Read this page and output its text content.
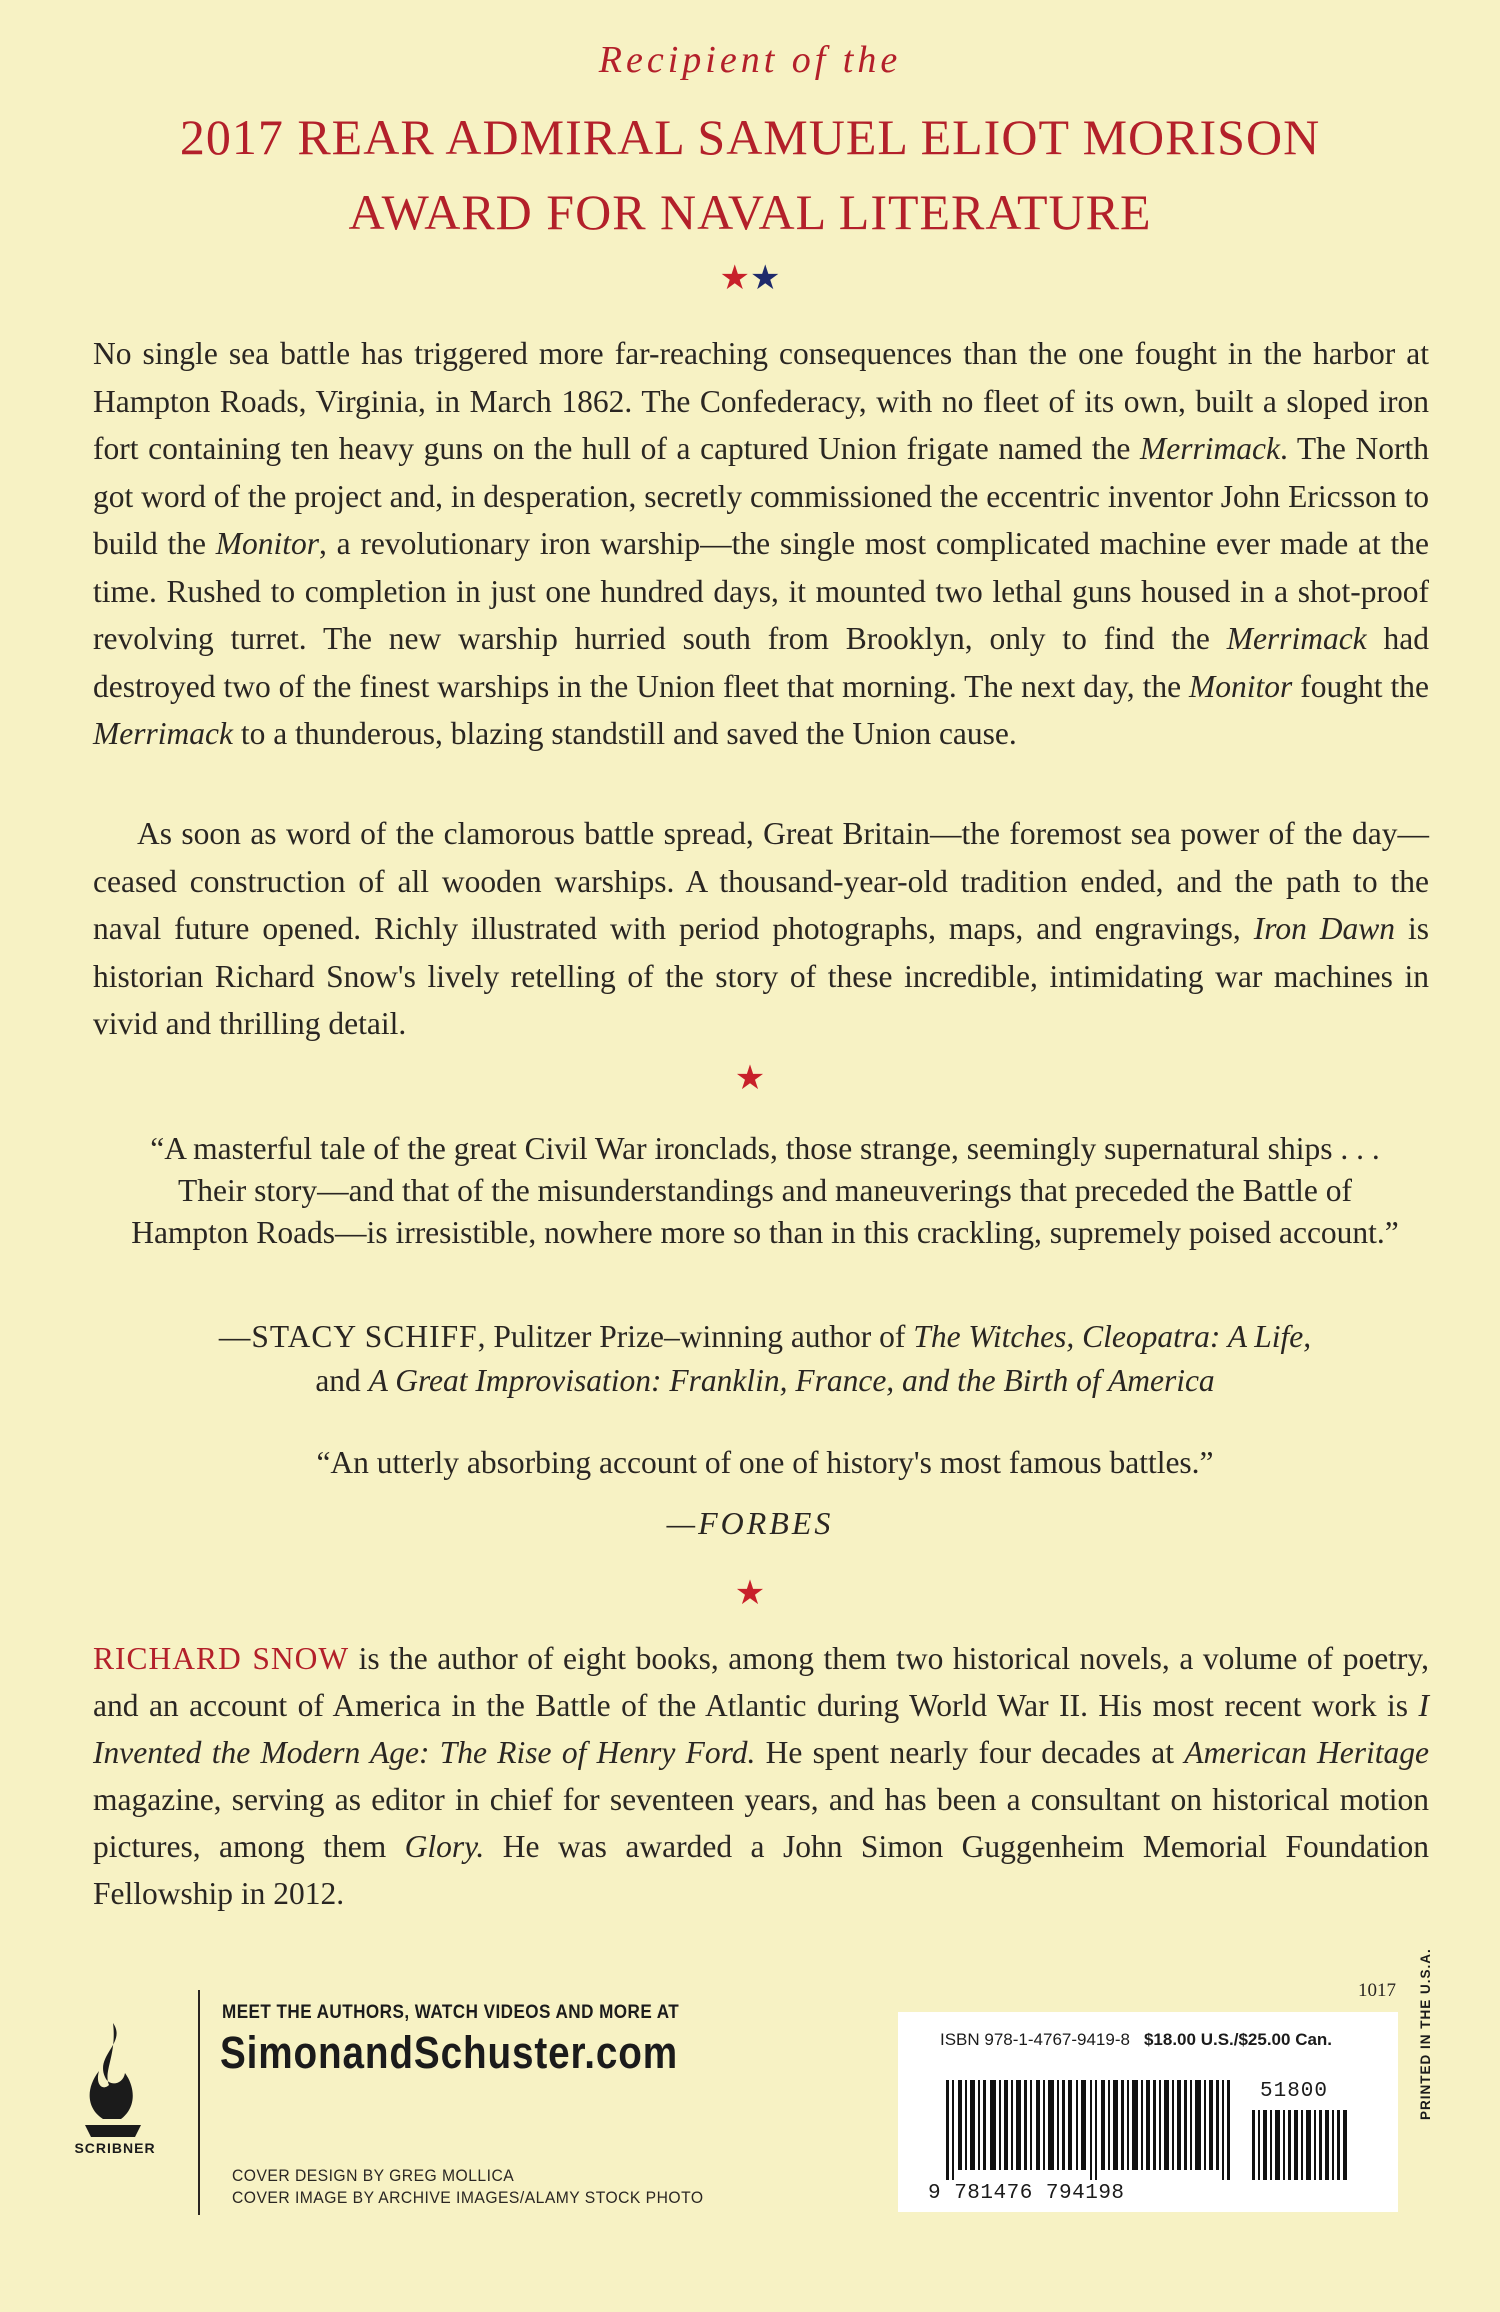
Recipient of the
2017 REAR ADMIRAL SAMUEL ELIOT MORISON
AWARD FOR NAVAL LITERATURE
★★

No single sea battle has triggered more far-reaching consequences than the one fought in the harbor at Hampton Roads, Virginia, in March 1862. The Confederacy, with no fleet of its own, built a sloped iron fort containing ten heavy guns on the hull of a captured Union frigate named the Merrimack. The North got word of the project and, in desperation, secretly commissioned the eccentric inventor John Ericsson to build the Monitor, a revolutionary iron warship—the single most complicated machine ever made at the time. Rushed to completion in just one hundred days, it mounted two lethal guns housed in a shot-proof revolving turret. The new warship hurried south from Brooklyn, only to find the Merrimack had destroyed two of the finest warships in the Union fleet that morning. The next day, the Monitor fought the Merrimack to a thunderous, blazing standstill and saved the Union cause.

As soon as word of the clamorous battle spread, Great Britain—the foremost sea power of the day—ceased construction of all wooden warships. A thousand-year-old tradition ended, and the path to the naval future opened. Richly illustrated with period photographs, maps, and engravings, Iron Dawn is historian Richard Snow's lively retelling of the story of these incredible, intimidating war machines in vivid and thrilling detail.

★
“A masterful tale of the great Civil War ironclads, those strange, seemingly supernatural ships . . . Their story—and that of the misunderstandings and maneuverings that preceded the Battle of Hampton Roads—is irresistible, nowhere more so than in this crackling, supremely poised account.”
—STACY SCHIFF, Pulitzer Prize–winning author of The Witches, Cleopatra: A Life,
and A Great Improvisation: Franklin, France, and the Birth of America
“An utterly absorbing account of one of history's most famous battles.”
—FORBES
★
RICHARD SNOW is the author of eight books, among them two historical novels, a volume of poetry, and an account of America in the Battle of the Atlantic during World War II. His most recent work is I Invented the Modern Age: The Rise of Henry Ford. He spent nearly four decades at American Heritage magazine, serving as editor in chief for seventeen years, and has been a consultant on historical motion pictures, among them Glory. He was awarded a John Simon Guggenheim Memorial Foundation Fellowship in 2012.
SCRIBNER
MEET THE AUTHORS, WATCH VIDEOS AND MORE AT
SimonandSchuster.com
COVER DESIGN BY GREG MOLLICA
COVER IMAGE BY ARCHIVE IMAGES/ALAMY STOCK PHOTO
1017
ISBN 978-1-4767-9419-8 $18.00 U.S./$25.00 Can.
51800
9 781476 794198
PRINTED IN THE U.S.A.
